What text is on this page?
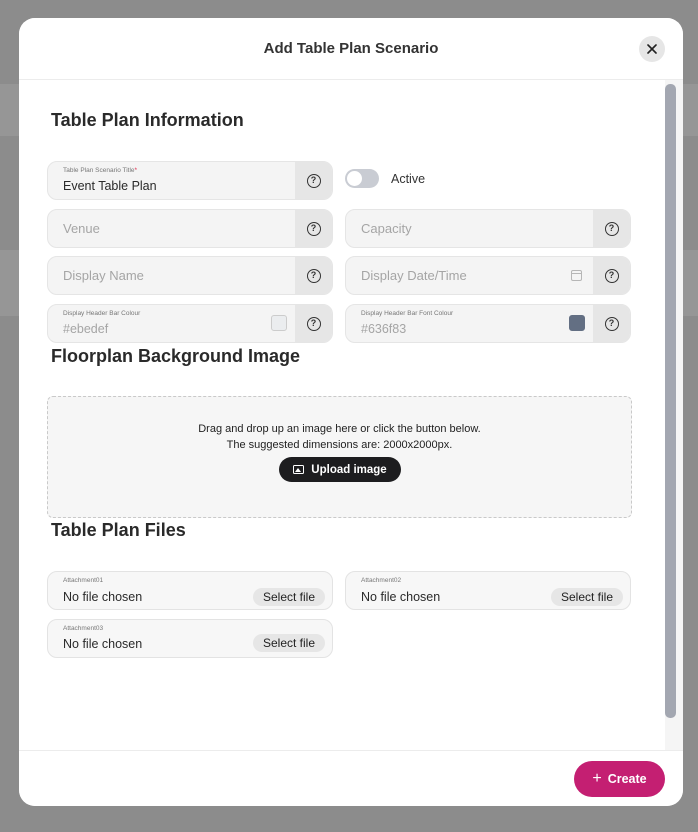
Add Table Plan Scenario
Table Plan Information
Table Plan Scenario Title*
Event Table Plan	?	Active
Venue	?	Capacity	?
Display Name	?	Display Date/Time	?
Display Header Bar Colour
#ebedef	?
Display Header Bar Font Colour
#636f83	?
Floorplan Background Image
Drag and drop up an image here or click the button below.
The suggested dimensions are: 2000x2000px.
Upload image
Table Plan Files
Attachment01
No file chosen	Select file
Attachment02
No file chosen	Select file
Attachment03
No file chosen	Select file
+ Create
